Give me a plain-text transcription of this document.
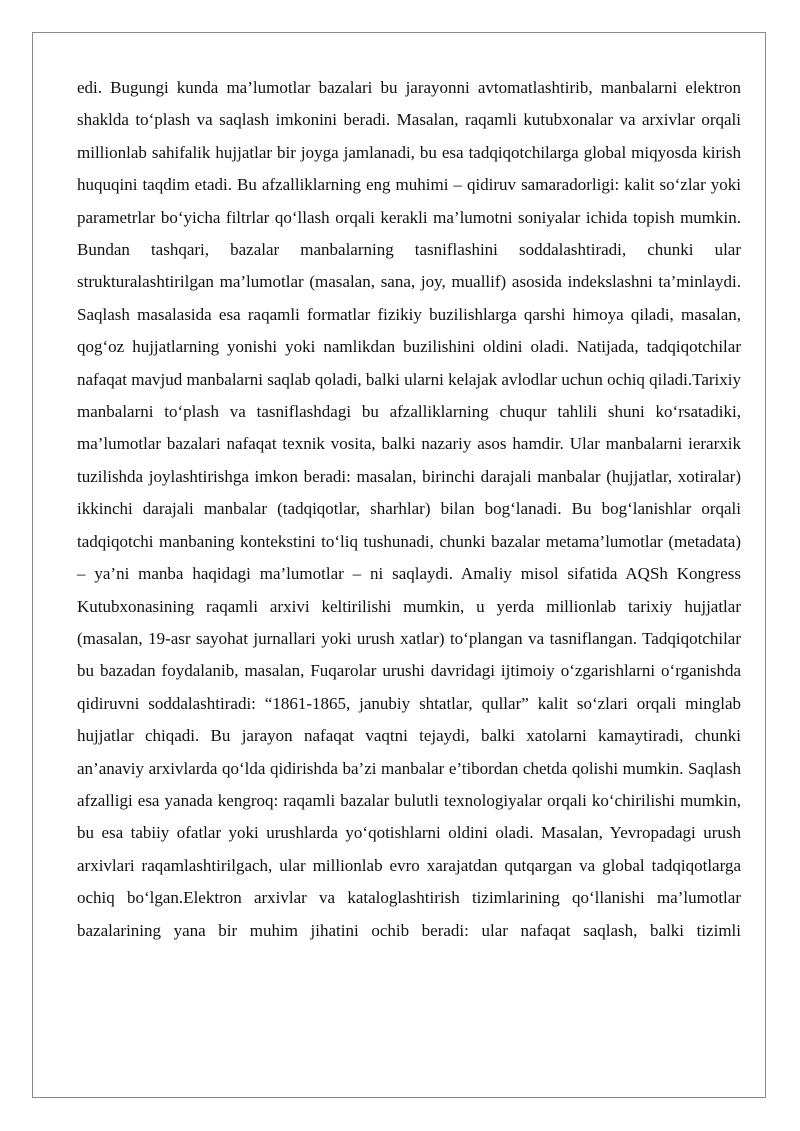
edi. Bugungi kunda ma’lumotlar bazalari bu jarayonni avtomatlashtirib, manbalarni elektron shaklda to‘plash va saqlash imkonini beradi. Masalan, raqamli kutubxonalar va arxivlar orqali millionlab sahifalik hujjatlar bir joyga jamlanadi, bu esa tadqiqotchilarga global miqyosda kirish huquqini taqdim etadi. Bu afzalliklarning eng muhimi – qidiruv samaradorligi: kalit so‘zlar yoki parametrlar bo‘yicha filtrlar qo‘llash orqali kerakli ma’lumotni soniyalar ichida topish mumkin. Bundan tashqari, bazalar manbalarning tasniflashini soddalashtiradi, chunki ular strukturalashtirilgan ma’lumotlar (masalan, sana, joy, muallif) asosida indekslashni ta’minlaydi. Saqlash masalasida esa raqamli formatlar fizikiy buzilishlarga qarshi himoya qiladi, masalan, qog‘oz hujjatlarning yonishi yoki namlikdan buzilishini oldini oladi. Natijada, tadqiqotchilar nafaqat mavjud manbalarni saqlab qoladi, balki ularni kelajak avlodlar uchun ochiq qiladi.Tarixiy manbalarni to‘plash va tasniflashdagi bu afzalliklarning chuqur tahlili shuni ko‘rsatadiki, ma’lumotlar bazalari nafaqat texnik vosita, balki nazariy asos hamdir. Ular manbalarni ierarxik tuzilishda joylashtirishga imkon beradi: masalan, birinchi darajali manbalar (hujjatlar, xotiralar) ikkinchi darajali manbalar (tadqiqotlar, sharhlar) bilan bog‘lanadi. Bu bog‘lanishlar orqali tadqiqotchi manbaning kontekstini to‘liq tushunadi, chunki bazalar metama’lumotlar (metadata) – ya’ni manba haqidagi ma’lumotlar – ni saqlaydi. Amaliy misol sifatida AQSh Kongress Kutubxonasining raqamli arxivi keltirilishi mumkin, u yerda millionlab tarixiy hujjatlar (masalan, 19-asr sayohat jurnallari yoki urush xatlar) to‘plangan va tasniflangan. Tadqiqotchilar bu bazadan foydalanib, masalan, Fuqarolar urushi davridagi ijtimoiy o‘zgarishlarni o‘rganishda qidiruvni soddalashtiradi: “1861-1865, janubiy shtatlar, qullar” kalit so‘zlari orqali minglab hujjatlar chiqadi. Bu jarayon nafaqat vaqtni tejaydi, balki xatolarni kamaytiradi, chunki an’anaviy arxivlarda qo‘lda qidirishda ba’zi manbalar e’tibordan chetda qolishi mumkin. Saqlash afzalligi esa yanada kengroq: raqamli bazalar bulutli texnologiyalar orqali ko‘chirilishi mumkin, bu esa tabiiy ofatlar yoki urushlarda yo‘qotishlarni oldini oladi. Masalan, Yevropadagi urush arxivlari raqamlashtirilgach, ular millionlab evro xarajatdan qutqargan va global tadqiqotlarga ochiq bo‘lgan.Elektron arxivlar va kataloglashtirish tizimlarining qo‘llanishi ma’lumotlar bazalarining yana bir muhim jihatini ochib beradi: ular nafaqat saqlash, balki tizimli
